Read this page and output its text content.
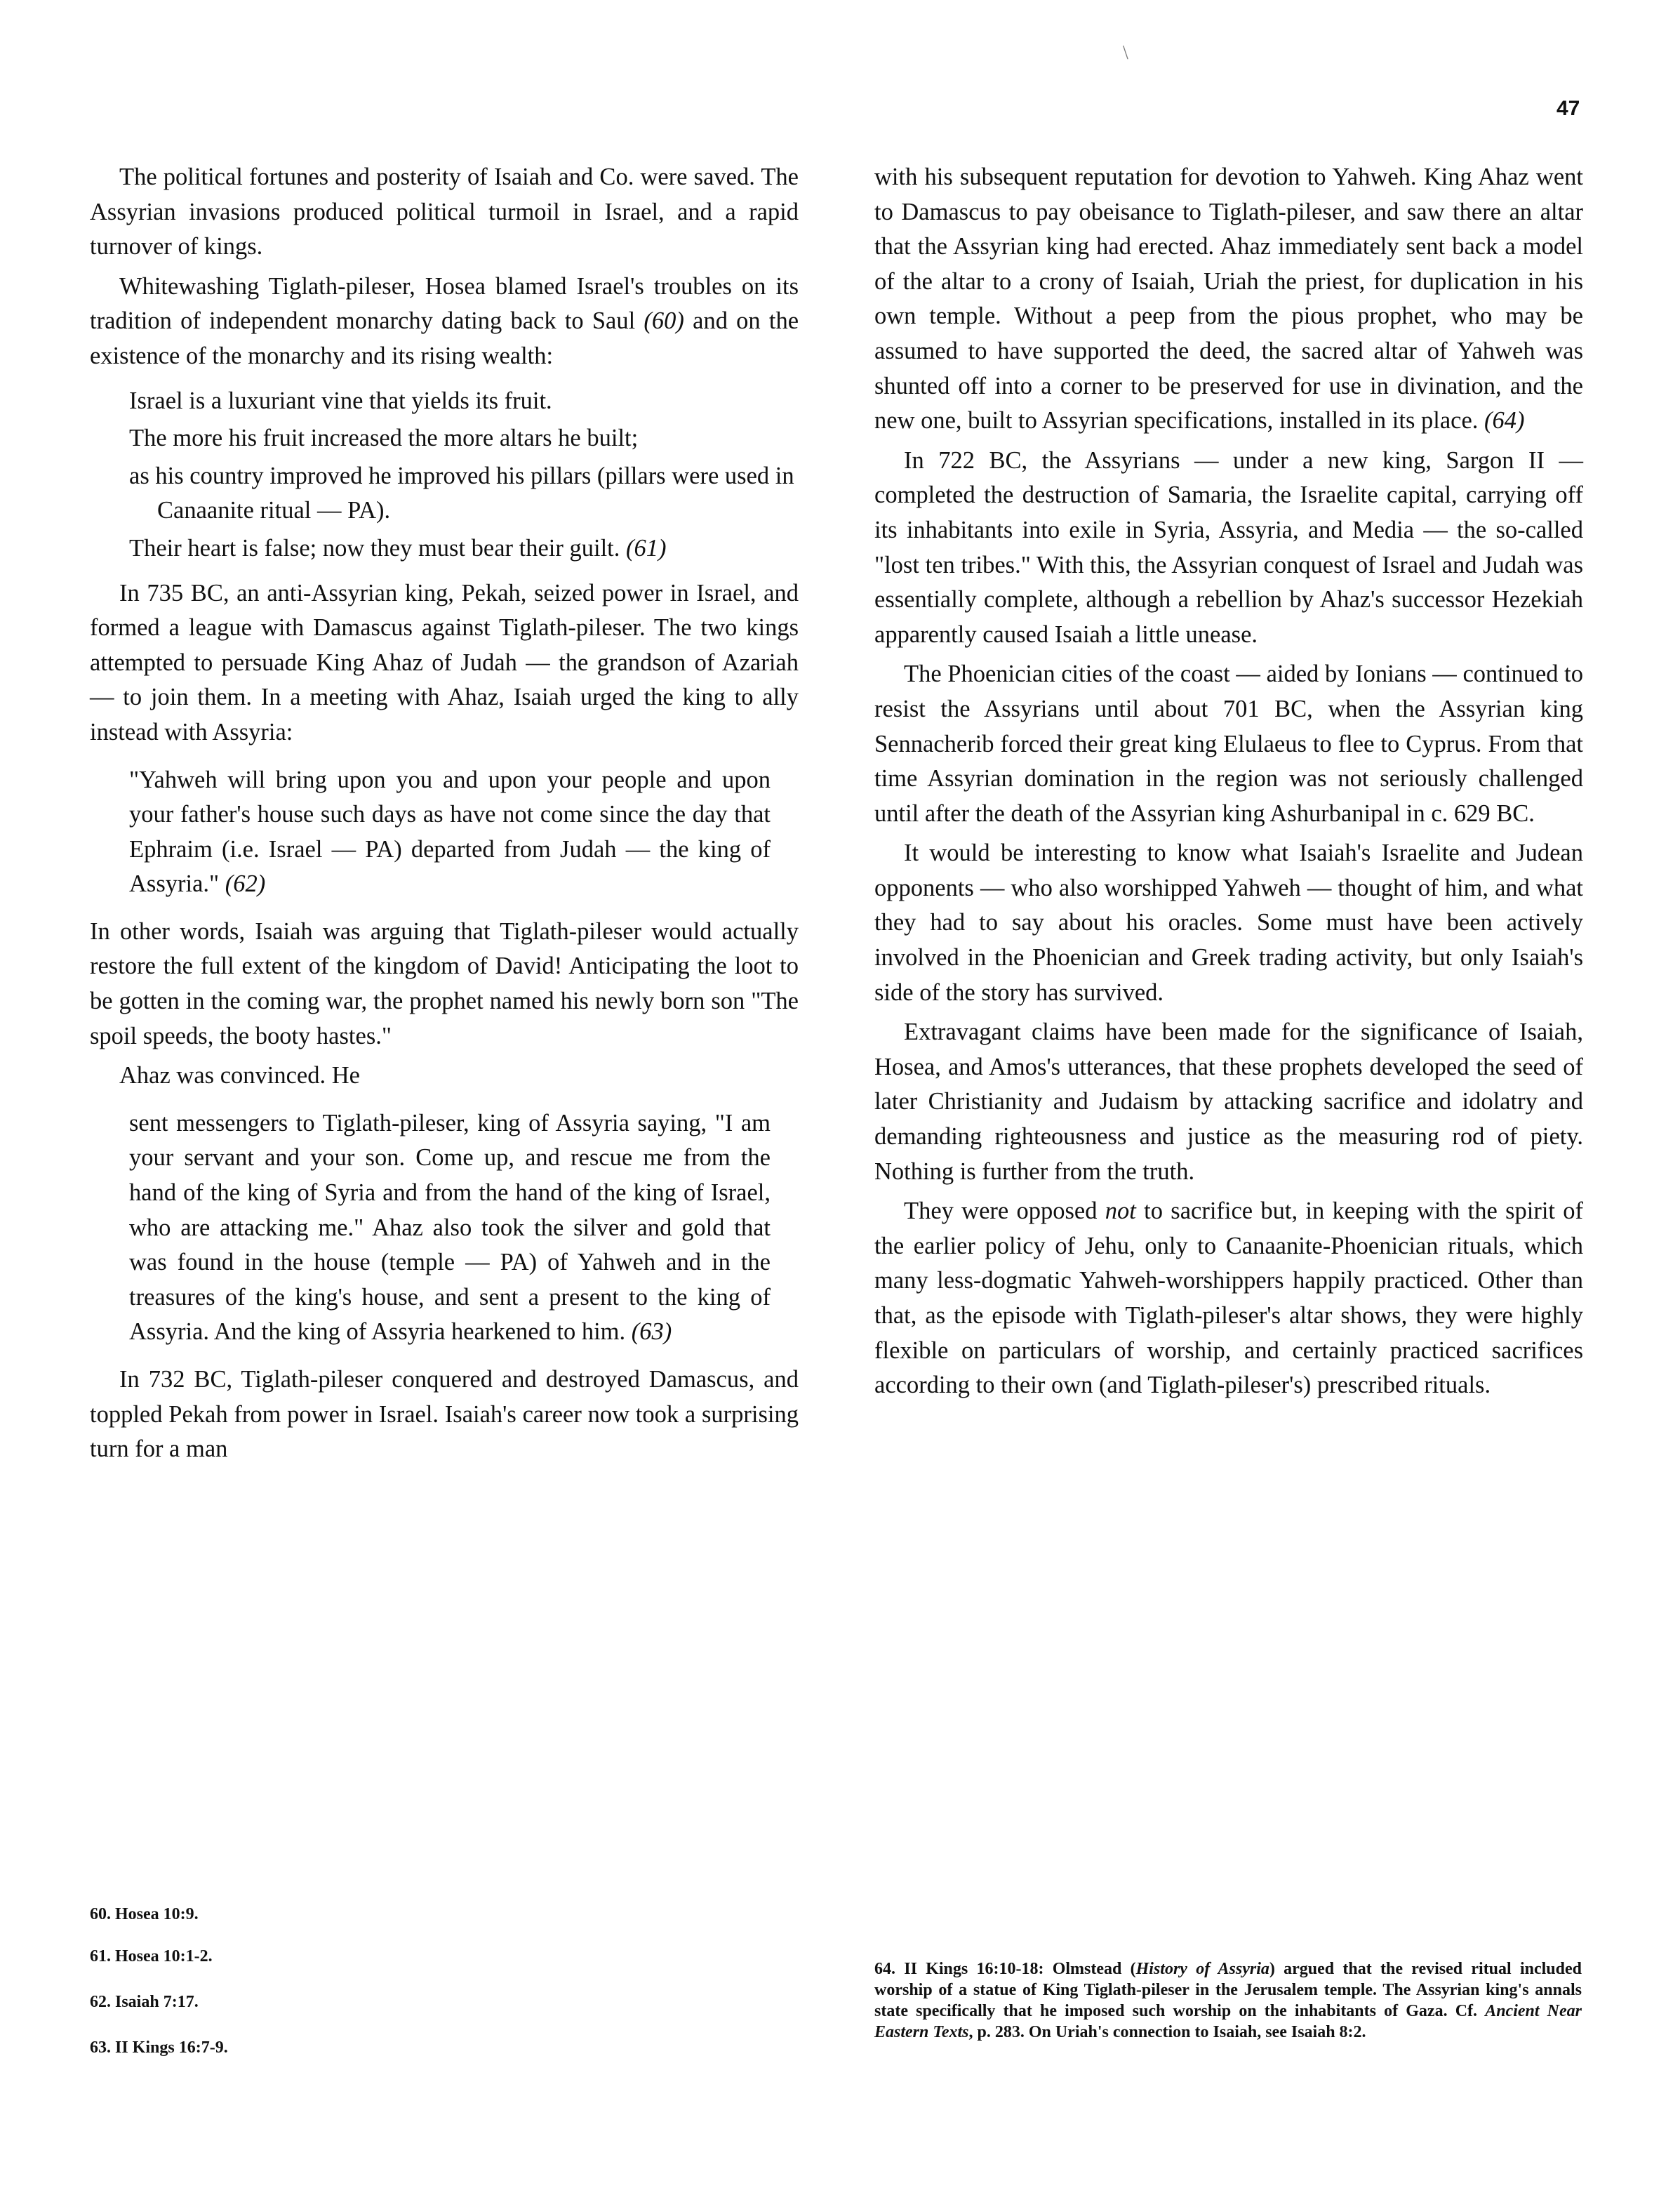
47
\

The political fortunes and posterity of Isaiah and Co. were saved. The Assyrian invasions produced political turmoil in Israel, and a rapid turnover of kings.

Whitewashing Tiglath-pileser, Hosea blamed Israel's troubles on its tradition of independent monarchy dating back to Saul (60) and on the existence of the monarchy and its rising wealth:

Israel is a luxuriant vine that yields its fruit.
The more his fruit increased the more altars he built;
as his country improved he improved his pillars (pillars were used in Canaanite ritual — PA).
Their heart is false; now they must bear their guilt. (61)

In 735 BC, an anti-Assyrian king, Pekah, seized power in Israel, and formed a league with Damascus against Tiglath-pileser. The two kings attempted to persuade King Ahaz of Judah — the grandson of Azariah — to join them. In a meeting with Ahaz, Isaiah urged the king to ally instead with Assyria:

"Yahweh will bring upon you and upon your people and upon your father's house such days as have not come since the day that Ephraim (i.e. Israel — PA) departed from Judah — the king of Assyria." (62)

In other words, Isaiah was arguing that Tiglath-pileser would actually restore the full extent of the kingdom of David! Anticipating the loot to be gotten in the coming war, the prophet named his newly born son "The spoil speeds, the booty hastes."

Ahaz was convinced. He

sent messengers to Tiglath-pileser, king of Assyria saying, "I am your servant and your son. Come up, and rescue me from the hand of the king of Syria and from the hand of the king of Israel, who are attacking me." Ahaz also took the silver and gold that was found in the house (temple — PA) of Yahweh and in the treasures of the king's house, and sent a present to the king of Assyria. And the king of Assyria hearkened to him. (63)

In 732 BC, Tiglath-pileser conquered and destroyed Damascus, and toppled Pekah from power in Israel. Isaiah's career now took a surprising turn for a man

with his subsequent reputation for devotion to Yahweh. King Ahaz went to Damascus to pay obeisance to Tiglath-pileser, and saw there an altar that the Assyrian king had erected. Ahaz immediately sent back a model of the altar to a crony of Isaiah, Uriah the priest, for duplication in his own temple. Without a peep from the pious prophet, who may be assumed to have supported the deed, the sacred altar of Yahweh was shunted off into a corner to be preserved for use in divination, and the new one, built to Assyrian specifications, installed in its place. (64)

In 722 BC, the Assyrians — under a new king, Sargon II — completed the destruction of Samaria, the Israelite capital, carrying off its inhabitants into exile in Syria, Assyria, and Media — the so-called "lost ten tribes." With this, the Assyrian conquest of Israel and Judah was essentially complete, although a rebellion by Ahaz's successor Hezekiah apparently caused Isaiah a little unease.

The Phoenician cities of the coast — aided by Ionians — continued to resist the Assyrians until about 701 BC, when the Assyrian king Sennacherib forced their great king Elulaeus to flee to Cyprus. From that time Assyrian domination in the region was not seriously challenged until after the death of the Assyrian king Ashurbanipal in c. 629 BC.

It would be interesting to know what Isaiah's Israelite and Judean opponents — who also worshipped Yahweh — thought of him, and what they had to say about his oracles. Some must have been actively involved in the Phoenician and Greek trading activity, but only Isaiah's side of the story has survived.

Extravagant claims have been made for the significance of Isaiah, Hosea, and Amos's utterances, that these prophets developed the seed of later Christianity and Judaism by attacking sacrifice and idolatry and demanding righteousness and justice as the measuring rod of piety. Nothing is further from the truth.

They were opposed not to sacrifice but, in keeping with the spirit of the earlier policy of Jehu, only to Canaanite-Phoenician rituals, which many less-dogmatic Yahweh-worshippers happily practiced. Other than that, as the episode with Tiglath-pileser's altar shows, they were highly flexible on particulars of worship, and certainly practiced sacrifices according to their own (and Tiglath-pileser's) prescribed rituals.

60. Hosea 10:9.

61. Hosea 10:1-2.

62. Isaiah 7:17.

63. II Kings 16:7-9.

64. II Kings 16:10-18: Olmstead (History of Assyria) argued that the revised ritual included worship of a statue of King Tiglath-pileser in the Jerusalem temple. The Assyrian king's annals state specifically that he imposed such worship on the inhabitants of Gaza. Cf. Ancient Near Eastern Texts, p. 283. On Uriah's connection to Isaiah, see Isaiah 8:2.
